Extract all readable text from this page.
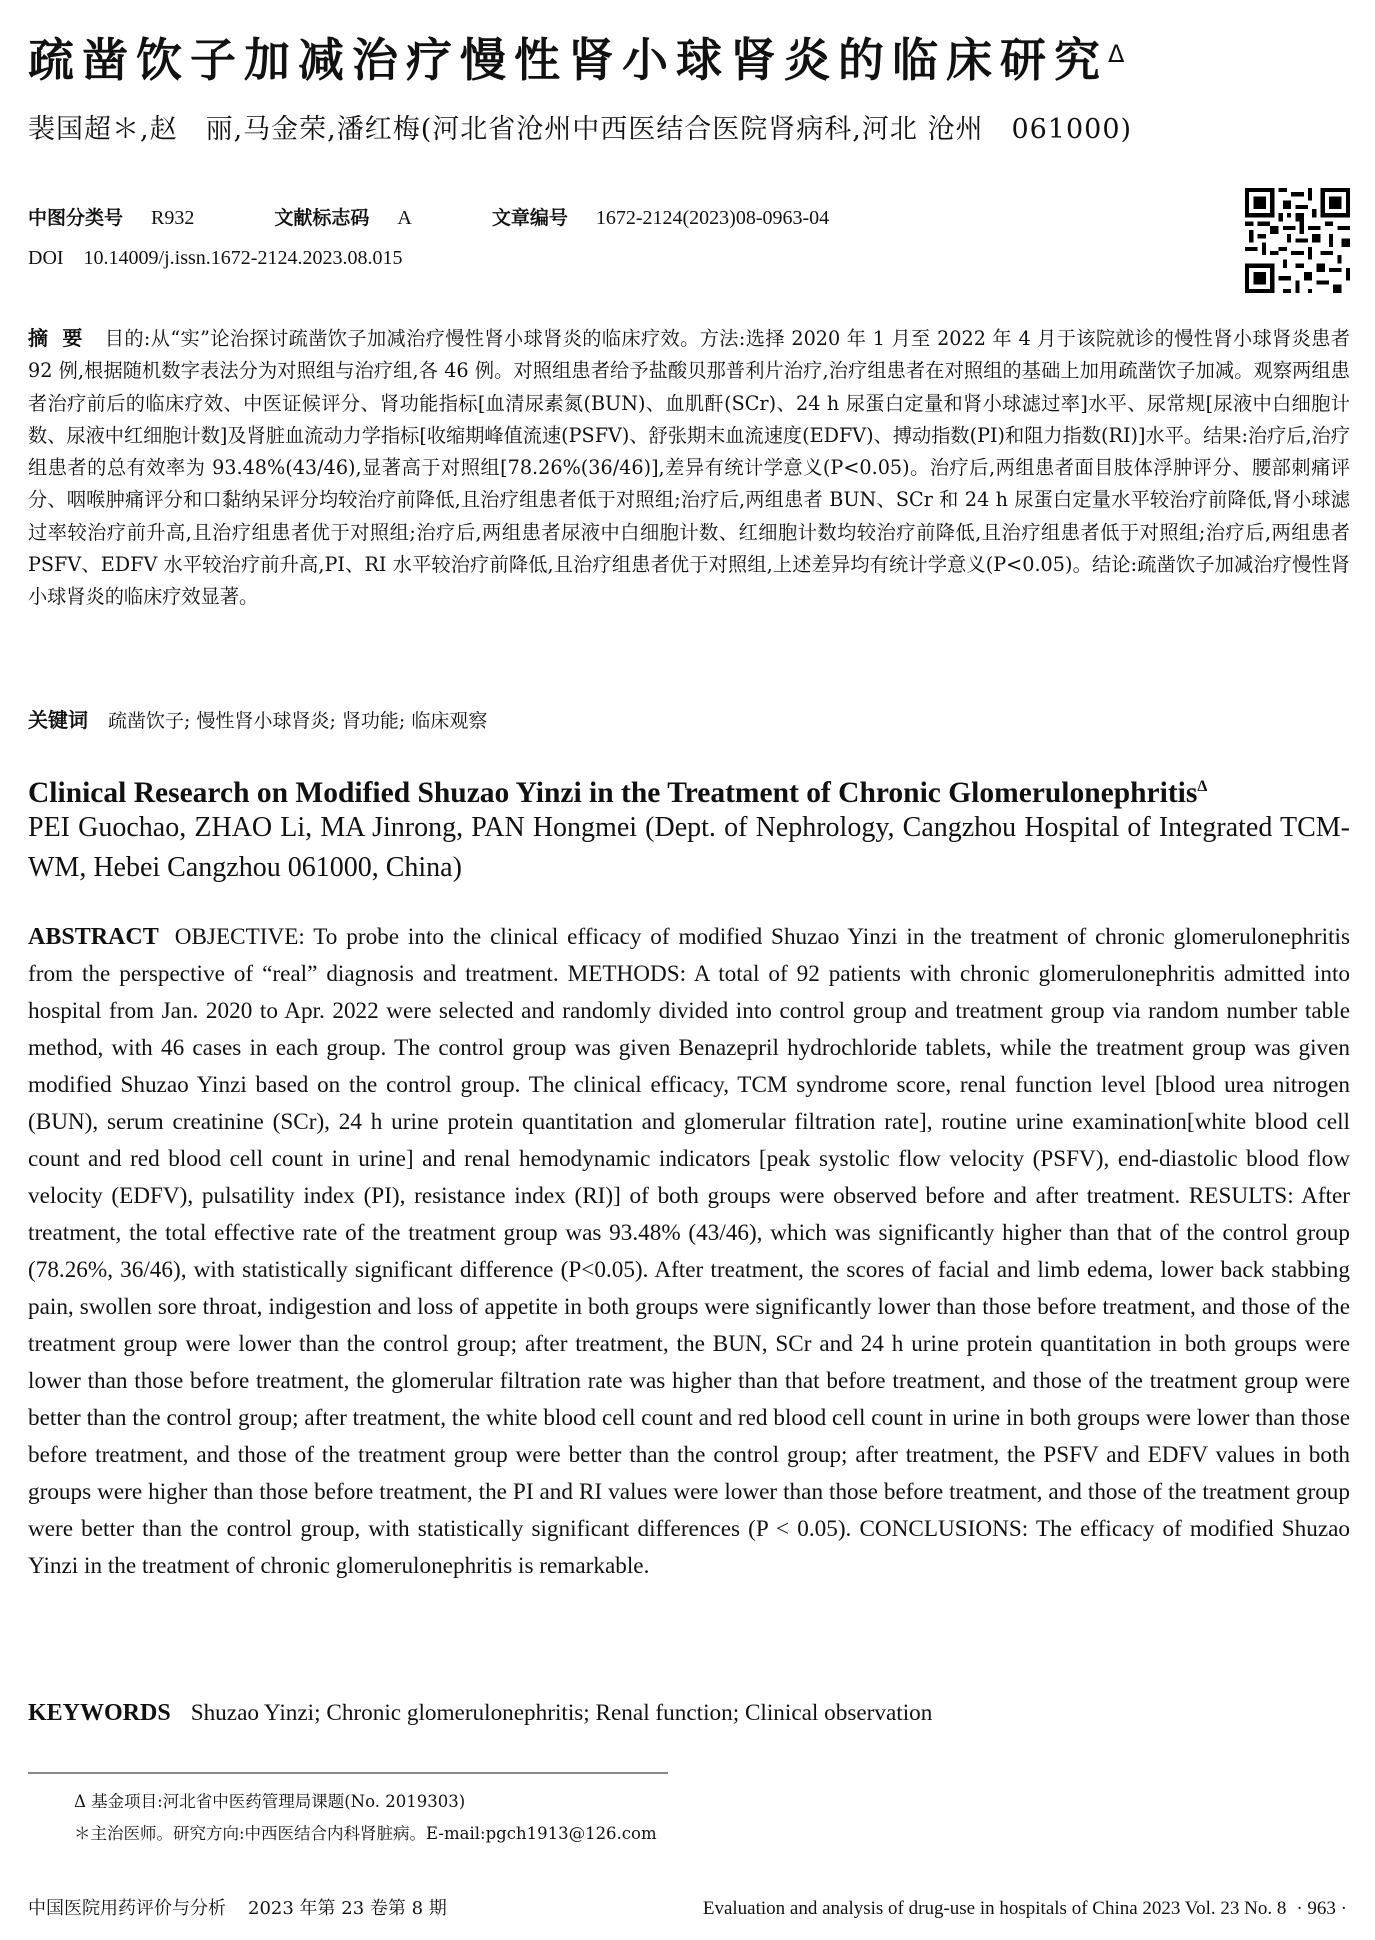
疏凿饮子加减治疗慢性肾小球肾炎的临床研究$^\Delta$
裴国超＊,赵　丽,马金荣,潘红梅(河北省沧州中西医结合医院肾病科,河北 沧州　061000)
中图分类号 R932	文献标志码 A	文章编号 1672-2124(2023)08-0963-04
DOI 10.14009/j.issn.1672-2124.2023.08.015
摘要 目的:从“实”论治探讨疏凿饮子加减治疗慢性肾小球肾炎的临床疗效。方法:选择 2020 年 1 月至 2022 年 4 月于该院就诊的慢性肾小球肾炎患者 92 例,根据随机数字表法分为对照组与治疗组,各 46 例。对照组患者给予盐酸贝那普利片治疗,治疗组患者在对照组的基础上加用疏凿饮子加减。观察两组患者治疗前后的临床疗效、中医证候评分、肾功能指标[血清尿素氮(BUN)、血肌酐(SCr)、24 h 尿蛋白定量和肾小球滤过率]水平、尿常规[尿液中白细胞计数、尿液中红细胞计数]及肾脏血流动力学指标[收缩期峰值流速(PSFV)、舒张期末血流速度(EDFV)、搏动指数(PI)和阻力指数(RI)]水平。结果:治疗后,治疗组患者的总有效率为 93.48%(43/46),显著高于对照组[78.26%(36/46)],差异有统计学意义(P<0.05)。治疗后,两组患者面目肢体浮肿评分、腰部刺痛评分、咽喉肿痛评分和口黏纳呆评分均较治疗前降低,且治疗组患者低于对照组;治疗后,两组患者 BUN、SCr 和 24 h 尿蛋白定量水平较治疗前降低,肾小球滤过率较治疗前升高,且治疗组患者优于对照组;治疗后,两组患者尿液中白细胞计数、红细胞计数均较治疗前降低,且治疗组患者低于对照组;治疗后,两组患者 PSFV、EDFV 水平较治疗前升高,PI、RI 水平较治疗前降低,且治疗组患者优于对照组,上述差异均有统计学意义(P<0.05)。结论:疏凿饮子加减治疗慢性肾小球肾炎的临床疗效显著。
关键词 疏凿饮子; 慢性肾小球肾炎; 肾功能; 临床观察
Clinical Research on Modified Shuzao Yinzi in the Treatment of Chronic Glomerulonephritis$^\Delta$
PEI Guochao, ZHAO Li, MA Jinrong, PAN Hongmei (Dept. of Nephrology, Cangzhou Hospital of Integrated TCM-WM, Hebei Cangzhou 061000, China)
ABSTRACT OBJECTIVE: To probe into the clinical efficacy of modified Shuzao Yinzi in the treatment of chronic glomerulonephritis from the perspective of “real” diagnosis and treatment. METHODS: A total of 92 patients with chronic glomerulonephritis admitted into hospital from Jan. 2020 to Apr. 2022 were selected and randomly divided into control group and treatment group via random number table method, with 46 cases in each group. The control group was given Benazepril hydrochloride tablets, while the treatment group was given modified Shuzao Yinzi based on the control group. The clinical efficacy, TCM syndrome score, renal function level [blood urea nitrogen (BUN), serum creatinine (SCr), 24 h urine protein quantitation and glomerular filtration rate], routine urine examination[white blood cell count and red blood cell count in urine] and renal hemodynamic indicators [peak systolic flow velocity (PSFV), end-diastolic blood flow velocity (EDFV), pulsatility index (PI), resistance index (RI)] of both groups were observed before and after treatment. RESULTS: After treatment, the total effective rate of the treatment group was 93.48% (43/46), which was significantly higher than that of the control group (78.26%, 36/46), with statistically significant difference (P<0.05). After treatment, the scores of facial and limb edema, lower back stabbing pain, swollen sore throat, indigestion and loss of appetite in both groups were significantly lower than those before treatment, and those of the treatment group were lower than the control group; after treatment, the BUN, SCr and 24 h urine protein quantitation in both groups were lower than those before treatment, the glomerular filtration rate was higher than that before treatment, and those of the treatment group were better than the control group; after treatment, the white blood cell count and red blood cell count in urine in both groups were lower than those before treatment, and those of the treatment group were better than the control group; after treatment, the PSFV and EDFV values in both groups were higher than those before treatment, the PI and RI values were lower than those before treatment, and those of the treatment group were better than the control group, with statistically significant differences (P < 0.05). CONCLUSIONS: The efficacy of modified Shuzao Yinzi in the treatment of chronic glomerulonephritis is remarkable.
KEYWORDS Shuzao Yinzi; Chronic glomerulonephritis; Renal function; Clinical observation
Δ 基金项目:河北省中医药管理局课题(No. 2019303)
＊主治医师。研究方向:中西医结合内科肾脏病。E-mail:pgch1913@126.com
中国医院用药评价与分析 2023 年第 23 卷第 8 期	Evaluation and analysis of drug-use in hospitals of China 2023 Vol. 23 No. 8 · 963 ·
